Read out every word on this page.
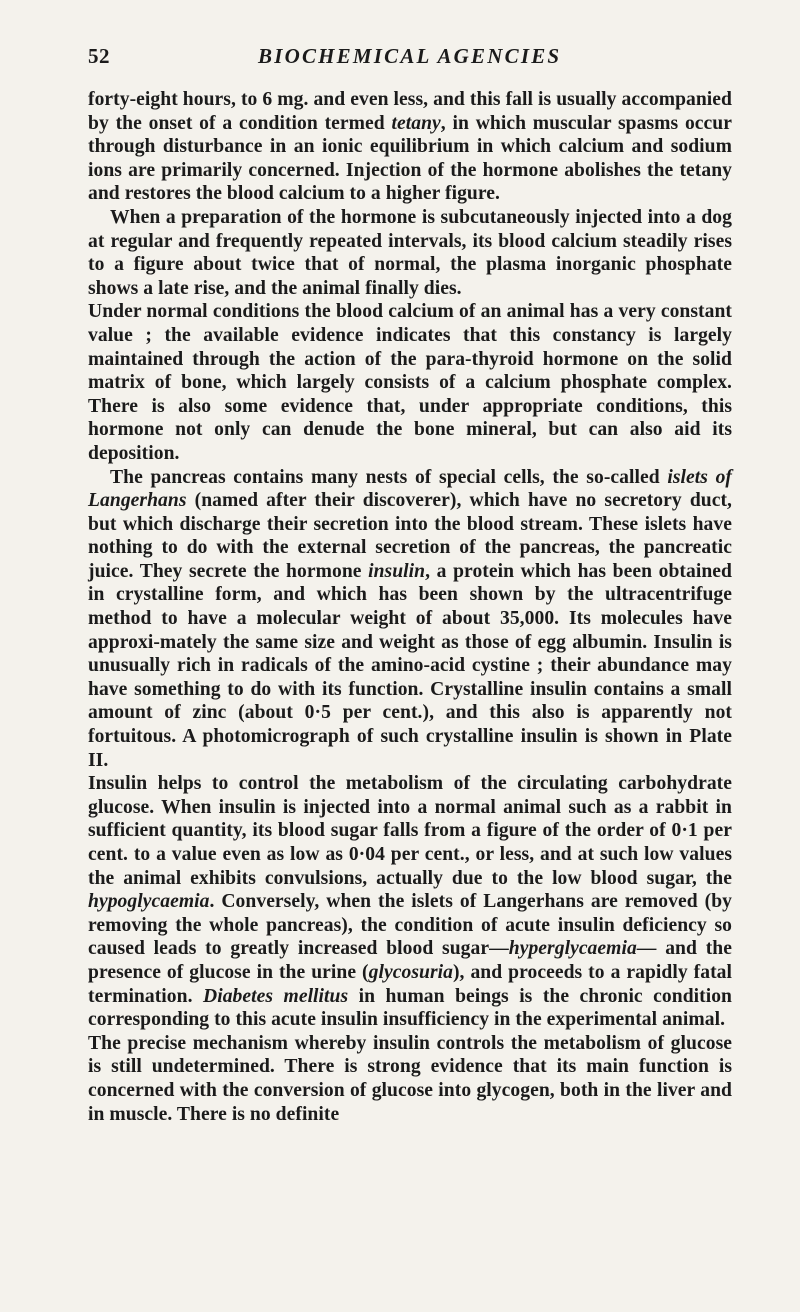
52	BIOCHEMICAL AGENCIES

forty-eight hours, to 6 mg. and even less, and this fall is usually accompanied by the onset of a condition termed tetany, in which muscular spasms occur through disturbance in an ionic equilibrium in which calcium and sodium ions are primarily concerned. Injection of the hormone abolishes the tetany and restores the blood calcium to a higher figure.

When a preparation of the hormone is subcutaneously injected into a dog at regular and frequently repeated intervals, its blood calcium steadily rises to a figure about twice that of normal, the plasma inorganic phosphate shows a late rise, and the animal finally dies.

Under normal conditions the blood calcium of an animal has a very constant value ; the available evidence indicates that this constancy is largely maintained through the action of the para-thyroid hormone on the solid matrix of bone, which largely consists of a calcium phosphate complex. There is also some evidence that, under appropriate conditions, this hormone not only can denude the bone mineral, but can also aid its deposition.

The pancreas contains many nests of special cells, the so-called islets of Langerhans (named after their discoverer), which have no secretory duct, but which discharge their secretion into the blood stream. These islets have nothing to do with the external secretion of the pancreas, the pancreatic juice. They secrete the hormone insulin, a protein which has been obtained in crystalline form, and which has been shown by the ultracentrifuge method to have a molecular weight of about 35,000. Its molecules have approxi-mately the same size and weight as those of egg albumin. Insulin is unusually rich in radicals of the amino-acid cystine ; their abundance may have something to do with its function. Crystalline insulin contains a small amount of zinc (about 0·5 per cent.), and this also is apparently not fortuitous. A photomicrograph of such crystalline insulin is shown in Plate II.

Insulin helps to control the metabolism of the circulating carbohydrate glucose. When insulin is injected into a normal animal such as a rabbit in sufficient quantity, its blood sugar falls from a figure of the order of 0·1 per cent. to a value even as low as 0·04 per cent., or less, and at such low values the animal exhibits convulsions, actually due to the low blood sugar, the hypoglycaemia. Conversely, when the islets of Langerhans are removed (by removing the whole pancreas), the condition of acute insulin deficiency so caused leads to greatly increased blood sugar—hyperglycaemia— and the presence of glucose in the urine (glycosuria), and proceeds to a rapidly fatal termination. Diabetes mellitus in human beings is the chronic condition corresponding to this acute insulin insufficiency in the experimental animal.

The precise mechanism whereby insulin controls the metabolism of glucose is still undetermined. There is strong evidence that its main function is concerned with the conversion of glucose into glycogen, both in the liver and in muscle. There is no definite
